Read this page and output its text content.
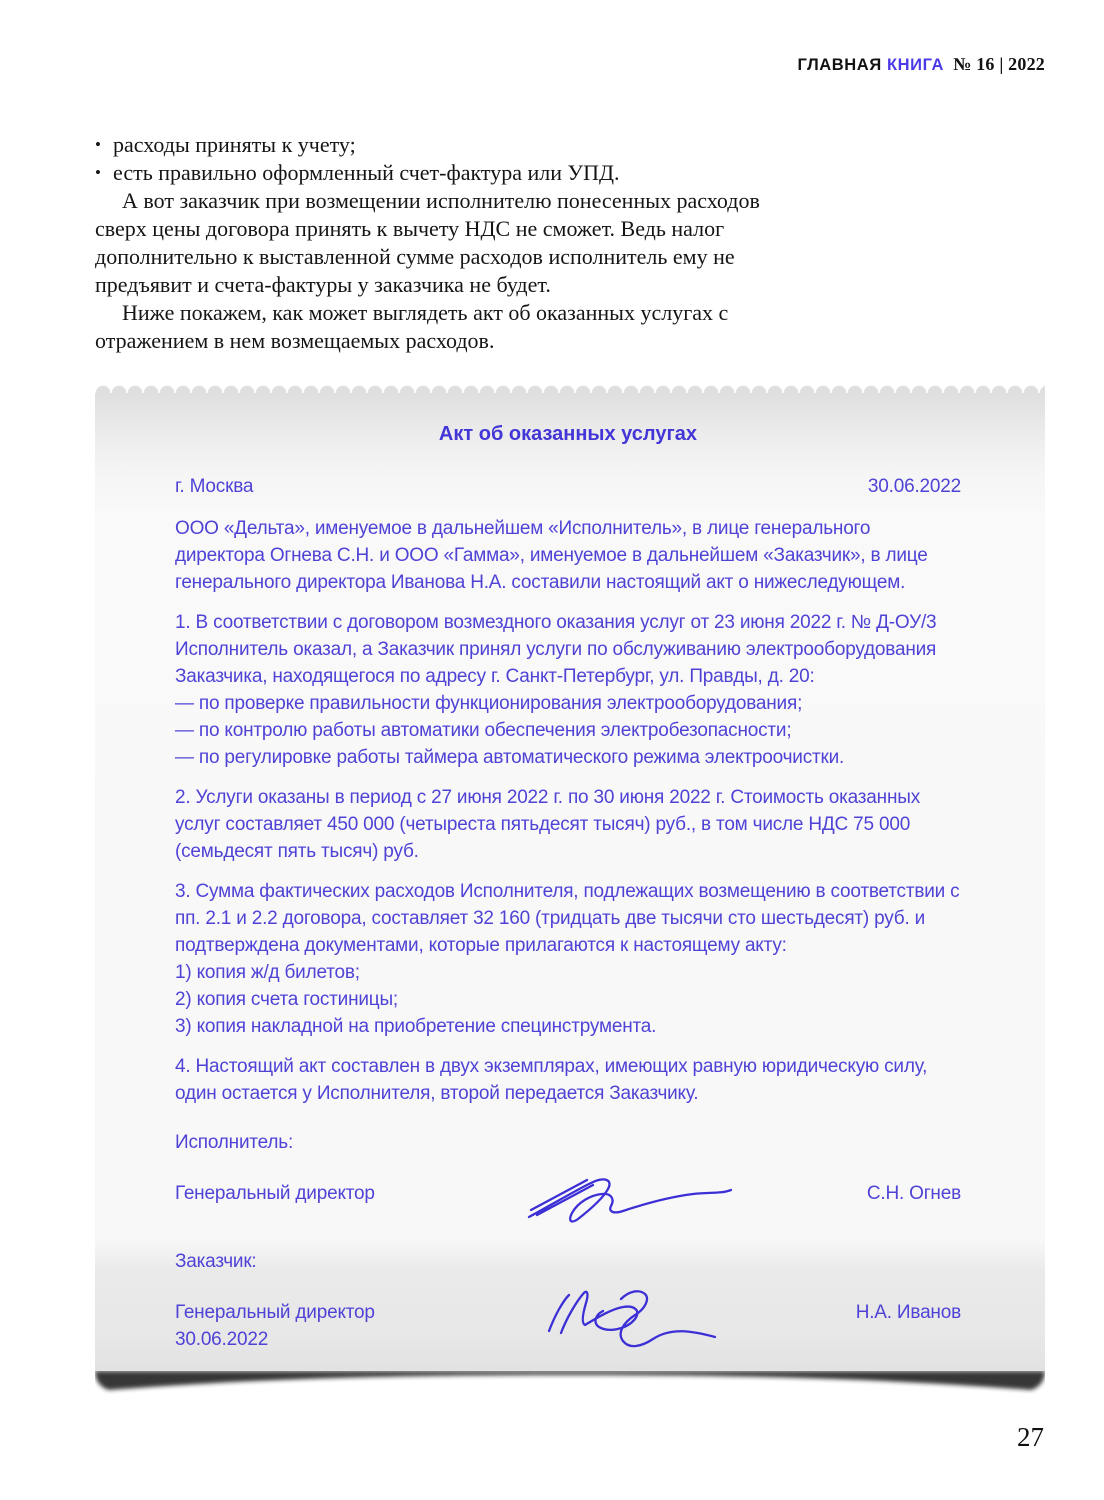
ГЛАВНАЯ КНИГА № 16 | 2022
• расходы приняты к учету;
• есть правильно оформленный счет-фактура или УПД.

А вот заказчик при возмещении исполнителю понесенных расходов сверх цены договора принять к вычету НДС не сможет. Ведь налог дополнительно к выставленной сумме расходов исполнитель ему не предъявит и счета-фактуры у заказчика не будет.

Ниже покажем, как может выглядеть акт об оказанных услугах с отражением в нем возмещаемых расходов.

Акт об оказанных услугах
г. Москва	30.06.2022

ООО «Дельта», именуемое в дальнейшем «Исполнитель», в лице генерального директора Огнева С.Н. и ООО «Гамма», именуемое в дальнейшем «Заказчик», в лице генерального директора Иванова Н.А. составили настоящий акт о нижеследующем.

1. В соответствии с договором возмездного оказания услуг от 23 июня 2022 г. № Д-ОУ/3 Исполнитель оказал, а Заказчик принял услуги по обслуживанию электрооборудования Заказчика, находящегося по адресу г. Санкт-Петербург, ул. Правды, д. 20:

— по проверке правильности функционирования электрооборудования;
— по контролю работы автоматики обеспечения электробезопасности;
— по регулировке работы таймера автоматического режима электроочистки.

2. Услуги оказаны в период с 27 июня 2022 г. по 30 июня 2022 г. Стоимость оказанных услуг составляет 450 000 (четыреста пятьдесят тысяч) руб., в том числе НДС 75 000 (семьдесят пять тысяч) руб.

3. Сумма фактических расходов Исполнителя, подлежащих возмещению в соответствии с пп. 2.1 и 2.2 договора, составляет 32 160 (тридцать две тысячи сто шестьдесят) руб. и подтверждена документами, которые прилагаются к настоящему акту:

1) копия ж/д билетов;
2) копия счета гостиницы;
3) копия накладной на приобретение специнструмента.

4. Настоящий акт составлен в двух экземплярах, имеющих равную юридическую силу, один остается у Исполнителя, второй передается Заказчику.

Исполнитель:
Генеральный директор	С.Н. Огнев
Заказчик:
Генеральный директор
30.06.2022
Н.А. Иванов
27
